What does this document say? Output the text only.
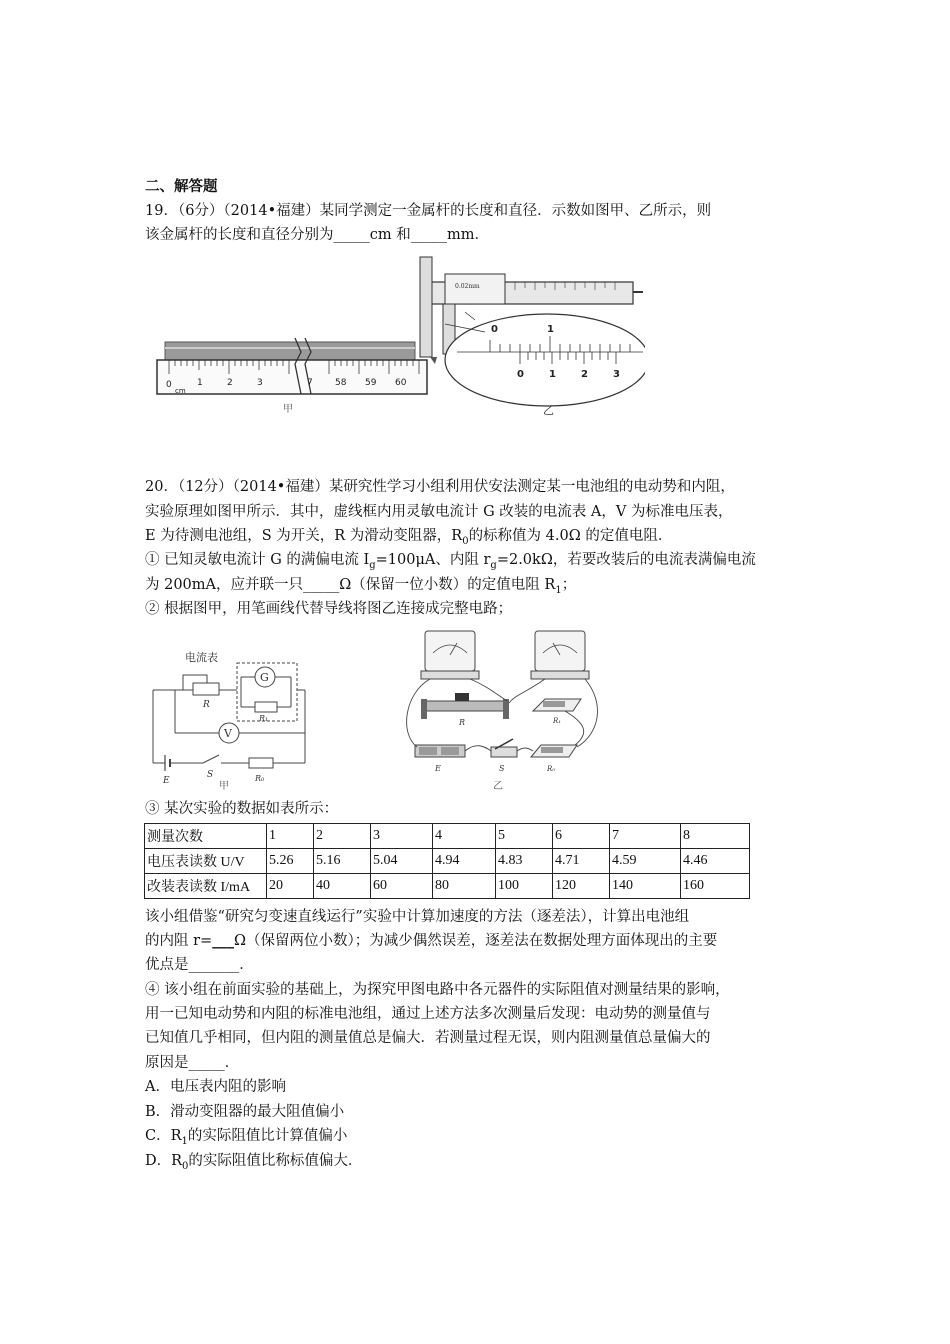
二、解答题
19．（6分）（2014•福建）某同学测定一金属杆的长度和直径．示数如图甲、乙所示，则
该金属杆的长度和直径分别为_____cm 和_____mm．
0
cm
1	2	3	7 58 59 60
甲
0.02mm
0	1
0	1	2	3
乙
20．（12分）（2014•福建）某研究性学习小组利用伏安法测定某一电池组的电动势和内阻，
实验原理如图甲所示．其中，虚线框内用灵敏电流计 G 改装的电流表 A，V 为标准电压表，
E 为待测电池组，S 为开关，R 为滑动变阻器，$R_0$的标称值为 4.0Ω 的定值电阻．
① 已知灵敏电流计 G 的满偏电流 $I_g=100\mu A$、内阻 $r_g=2.0k\Omega$，若要改装后的电流表满偏电流
为 200mA，应并联一只_____Ω（保留一位小数）的定值电阻 $R_1$；
② 根据图甲，用笔画线代替导线将图乙连接成完整电路；
电流表
R
G
R₁
V
E
S	R₀
甲
R	R₁
E	S	R₀
乙
③ 某次实验的数据如表所示：
测量次数	1	2	3	4	5	6	7	8
电压表读数 U/V	5.26	5.16	5.04	4.94	4.83	4.71	4.59	4.46
改装表读数 I/mA	20	40	60	80	100	120	140	160
该小组借鉴“研究匀变速直线运行”实验中计算加速度的方法（逐差法），计算出电池组
的内阻 r=___Ω（保留两位小数）；为减少偶然误差，逐差法在数据处理方面体现出的主要
优点是_______．
④ 该小组在前面实验的基础上，为探究甲图电路中各元器件的实际阻值对测量结果的影响，
用一已知电动势和内阻的标准电池组，通过上述方法多次测量后发现：电动势的测量值与
已知值几乎相同，但内阻的测量值总是偏大．若测量过程无误，则内阻测量值总量偏大的
原因是_____．
A．电压表内阻的影响
B．滑动变阻器的最大阻值偏小
C．$R_1$的实际阻值比计算值偏小
D．$R_0$的实际阻值比称标值偏大．
